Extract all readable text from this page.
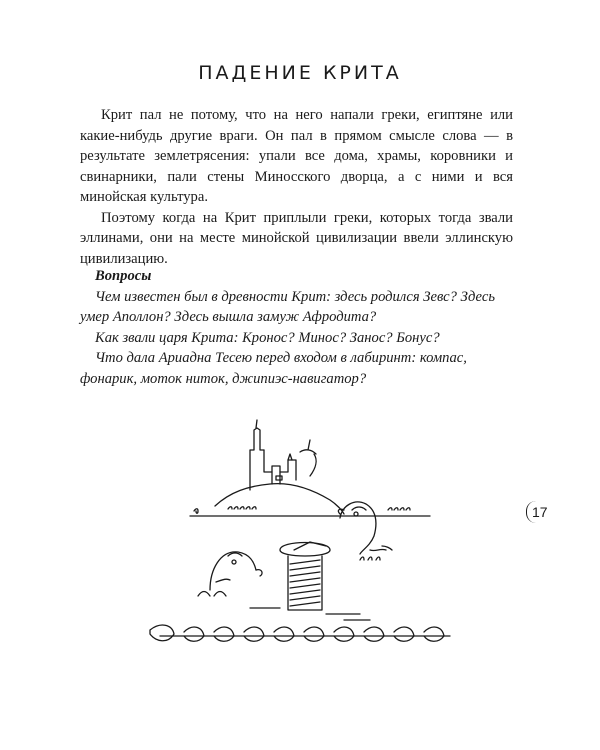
ПАДЕНИЕ КРИТА

Крит пал не потому, что на него напали греки, египтяне или какие-нибудь другие враги. Он пал в прямом смысле слова — в результате землетрясения: упали все дома, храмы, коровники и свинарники, пали стены Миносского дворца, а с ними и вся минойская культура.

Поэтому когда на Крит приплыли греки, которых тогда звали эллинами, они на месте минойской цивилизации ввели эллинскую цивилизацию.

Вопросы

Чем известен был в древности Крит: здесь родился Зевс? Здесь умер Аполлон? Здесь вышла замуж Афродита?

Как звали царя Крита: Кронос? Минос? Занос? Бонус?

Что дала Ариадна Тесею перед входом в лабиринт: компас, фонарик, моток ниток, джипиэс-навигатор?

17
